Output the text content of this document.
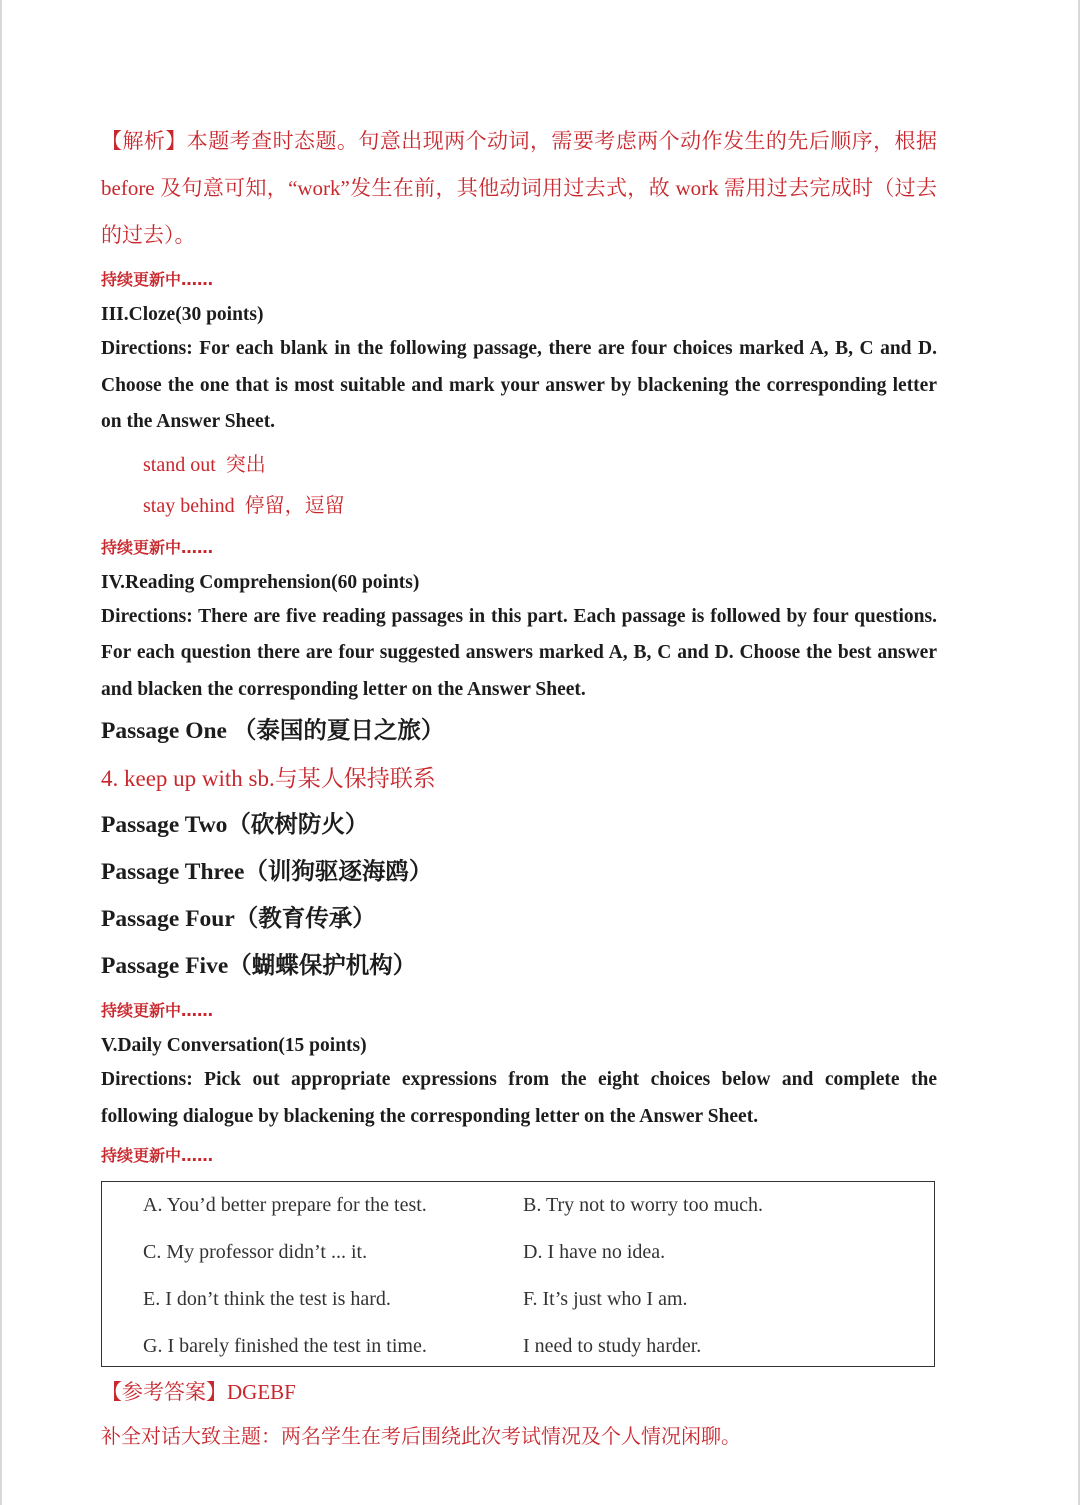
【解析】本题考查时态题。句意出现两个动词，需要考虑两个动作发生的先后顺序，根据 before 及句意可知，“work”发生在前，其他动词用过去式，故 work 需用过去完成时（过去的过去）。

持续更新中……

III.Cloze(30 points)

Directions: For each blank in the following passage, there are four choices marked A, B, C and D. Choose the one that is most suitable and mark your answer by blackening the corresponding letter on the Answer Sheet.

stand out 突出

stay behind 停留，逗留

持续更新中……

IV.Reading Comprehension(60 points)

Directions: There are five reading passages in this part. Each passage is followed by four questions. For each question there are four suggested answers marked A, B, C and D. Choose the best answer and blacken the corresponding letter on the Answer Sheet.

Passage One （泰国的夏日之旅）

4. keep up with sb.与某人保持联系

Passage Two（砍树防火）

Passage Three（训狗驱逐海鸥）

Passage Four（教育传承）

Passage Five（蝴蝶保护机构）

持续更新中……

V.Daily Conversation(15 points)

Directions: Pick out appropriate expressions from the eight choices below and complete the following dialogue by blackening the corresponding letter on the Answer Sheet.

持续更新中……

A. You’d better prepare for the test.	B. Try not to worry too much.
C. My professor didn’t ... it.	D. I have no idea.
E. I don’t think the test is hard.	F. It’s just who I am.
G. I barely finished the test in time.	I need to study harder.

【参考答案】DGEBF

补全对话大致主题：两名学生在考后围绕此次考试情况及个人情况闲聊。
